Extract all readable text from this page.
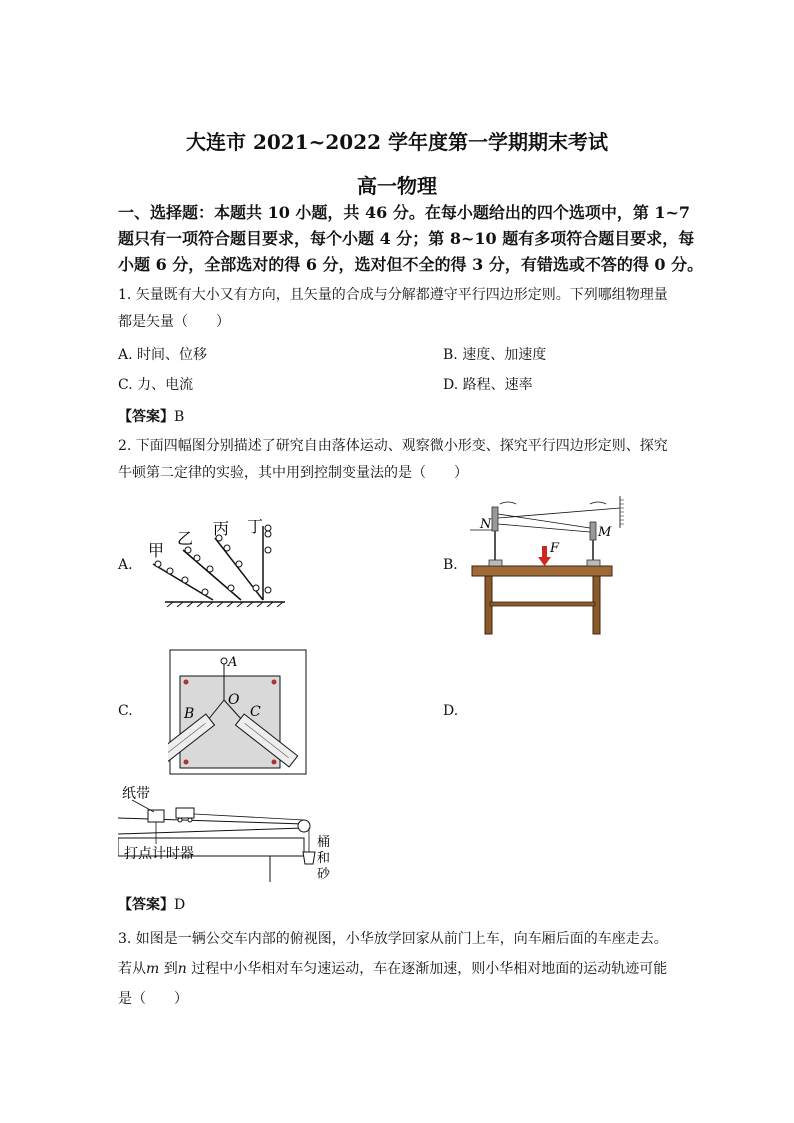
大连市 2021~2022 学年度第一学期期末考试
高一物理
一、选择题：本题共 10 小题，共 46 分。在每小题给出的四个选项中，第 1~7
题只有一项符合题目要求，每个小题 4 分；第 8~10 题有多项符合题目要求，每
小题 6 分，全部选对的得 6 分，选对但不全的得 3 分，有错选或不答的得 0 分。
1. 矢量既有大小又有方向，且矢量的合成与分解都遵守平行四边形定则。下列哪组物理量
都是矢量（　　）
A. 时间、位移	B. 速度、加速度
C. 力、电流	D. 路程、速率
【答案】B
2. 下面四幅图分别描述了研究自由落体运动、观察微小形变、探究平行四边形定则、探究
牛顿第二定律的实验，其中用到控制变量法的是（　　）
A.	B.
C.	D.
甲
乙
丙 丁	N
M
F
A
O
B	C
纸带
打点计时器
桶
和
砂
【答案】D
3. 如图是一辆公交车内部的俯视图，小华放学回家从前门上车，向车厢后面的车座走去。
若从m 到n 过程中小华相对车匀速运动，车在逐渐加速，则小华相对地面的运动轨迹可能
是（　　）
